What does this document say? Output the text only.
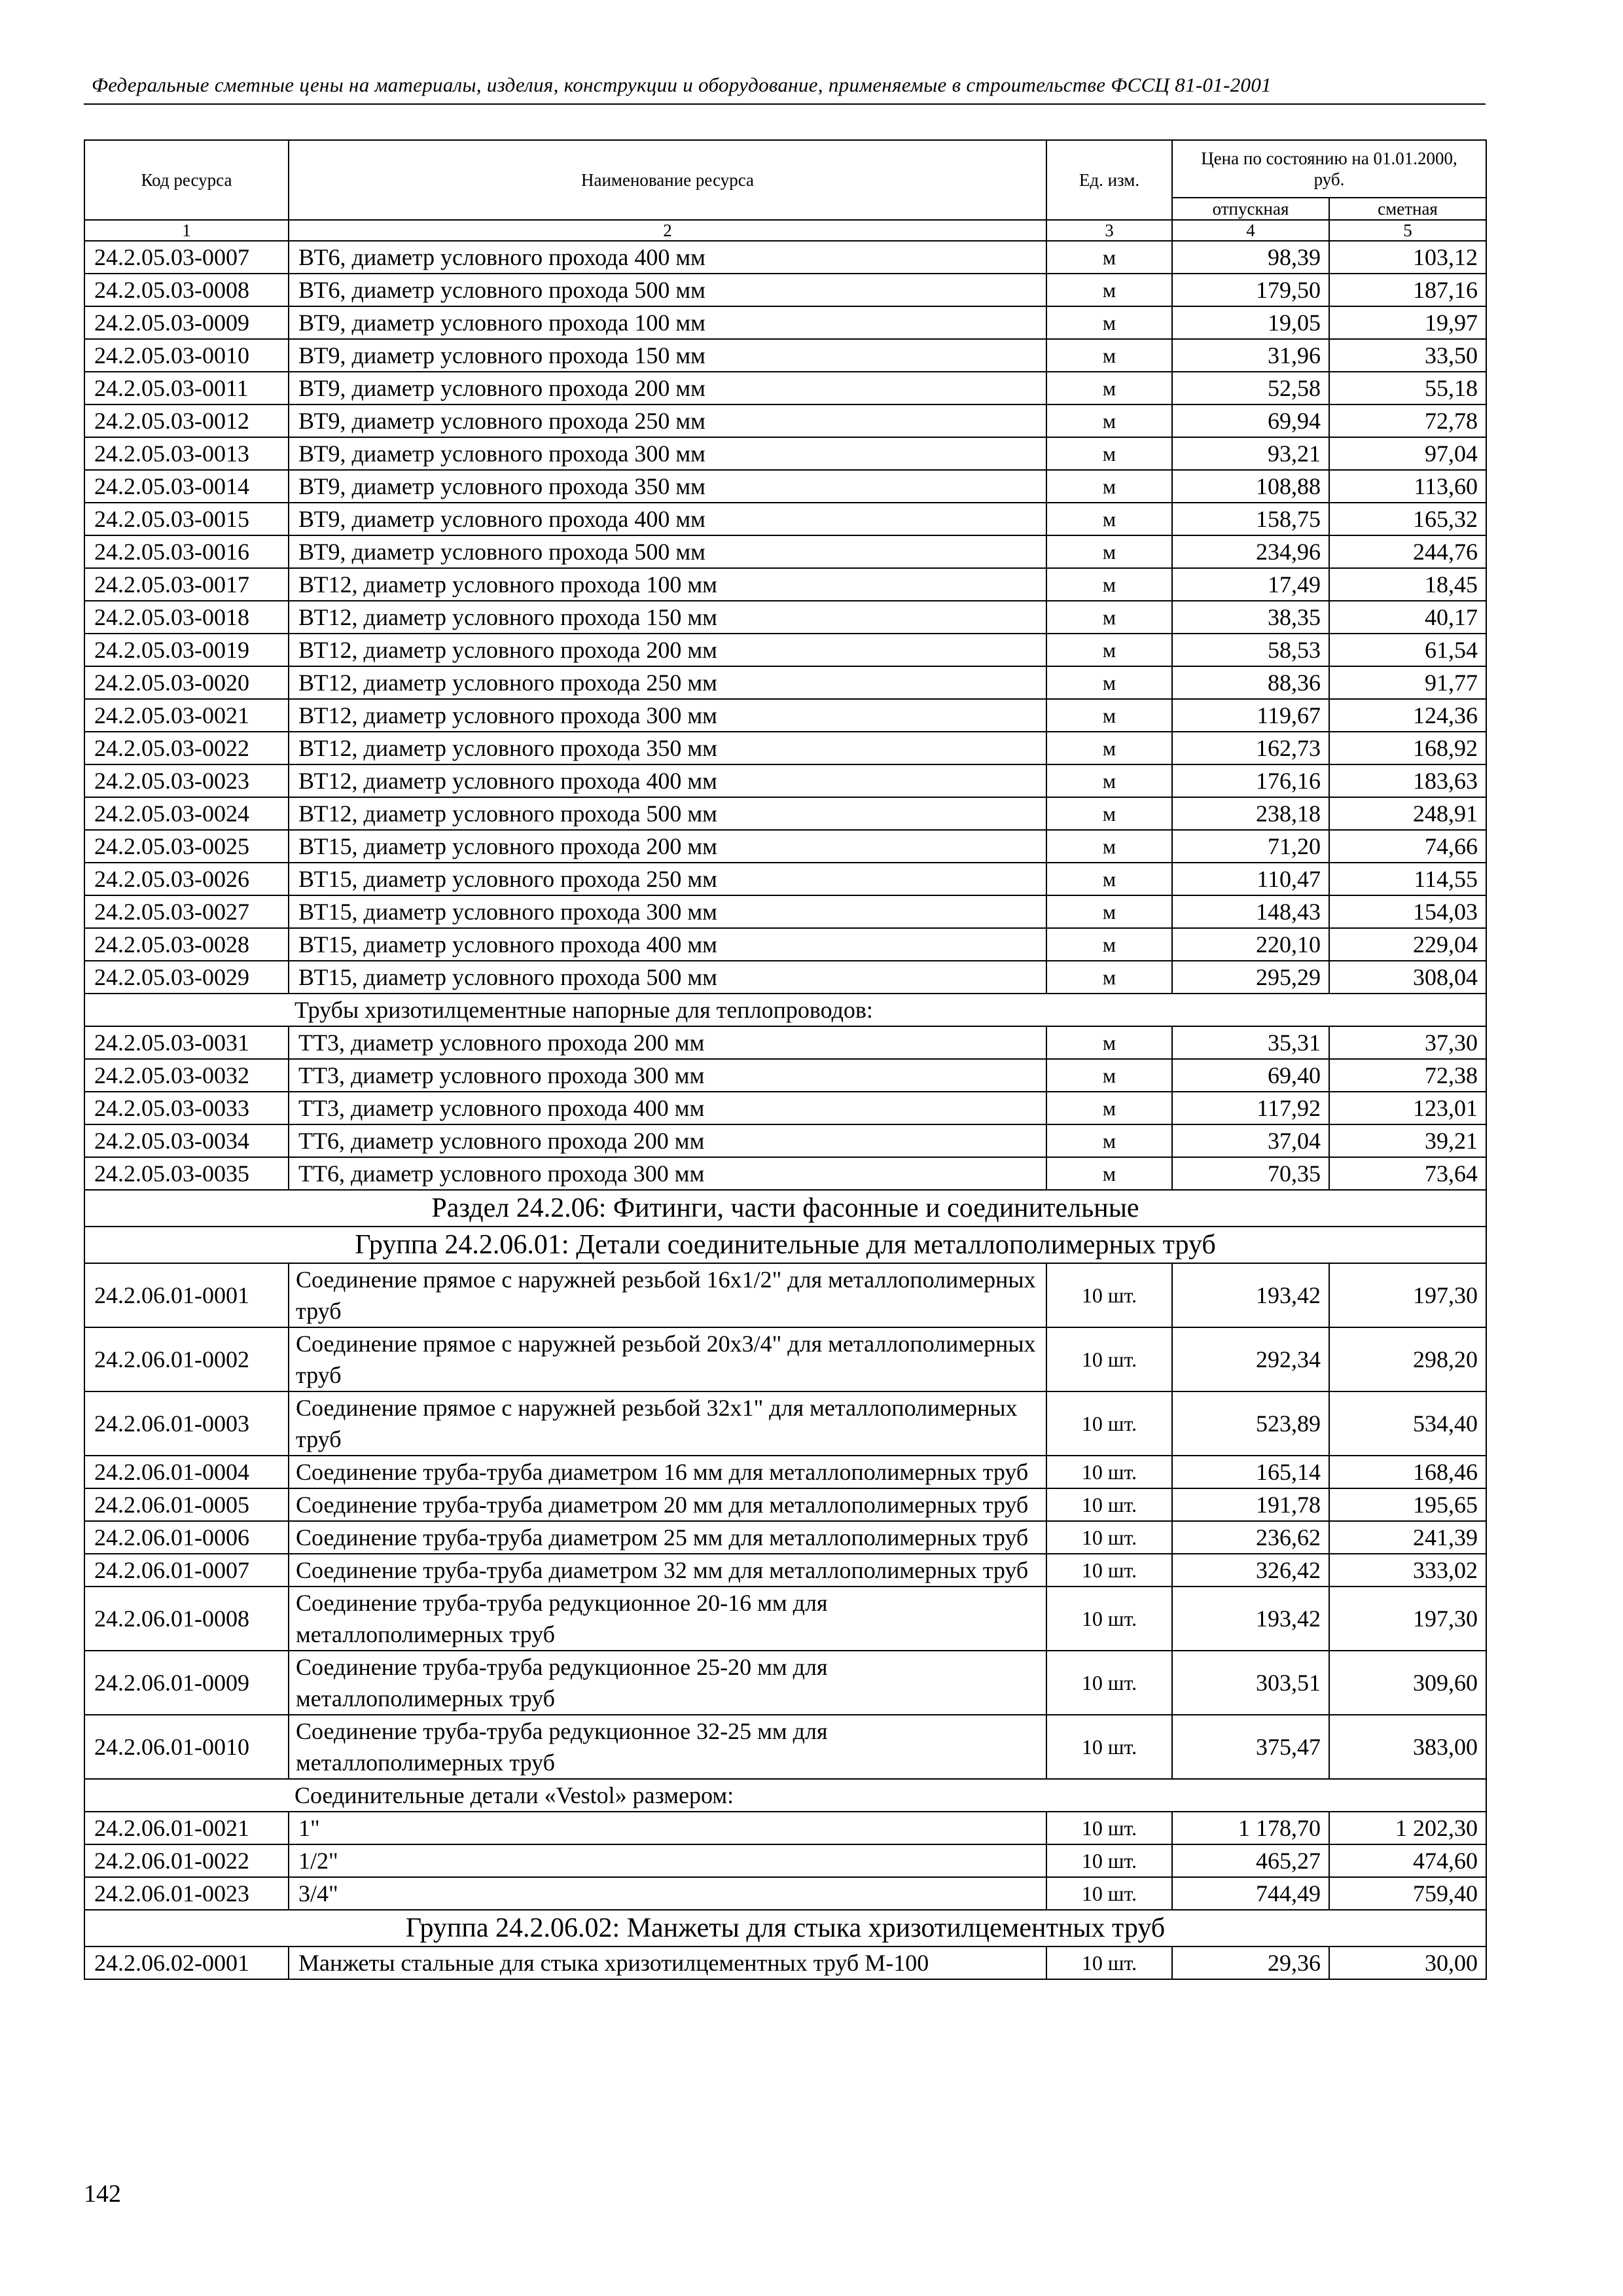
Федеральные сметные цены на материалы, изделия, конструкции и оборудование, применяемые в строительстве ФССЦ 81-01-2001
Код ресурса	Наименование ресурса	Ед. изм.	Цена по состоянию на 01.01.2000, руб.	
			отпускная	сметная
1	2	3	4	5
24.2.05.03-0007	ВТ6, диаметр условного прохода 400 мм	м	98,39	103,12
24.2.05.03-0008	ВТ6, диаметр условного прохода 500 мм	м	179,50	187,16
24.2.05.03-0009	ВТ9, диаметр условного прохода 100 мм	м	19,05	19,97
24.2.05.03-0010	ВТ9, диаметр условного прохода 150 мм	м	31,96	33,50
24.2.05.03-0011	ВТ9, диаметр условного прохода 200 мм	м	52,58	55,18
24.2.05.03-0012	ВТ9, диаметр условного прохода 250 мм	м	69,94	72,78
24.2.05.03-0013	ВТ9, диаметр условного прохода 300 мм	м	93,21	97,04
24.2.05.03-0014	ВТ9, диаметр условного прохода 350 мм	м	108,88	113,60
24.2.05.03-0015	ВТ9, диаметр условного прохода 400 мм	м	158,75	165,32
24.2.05.03-0016	ВТ9, диаметр условного прохода 500 мм	м	234,96	244,76
24.2.05.03-0017	ВТ12, диаметр условного прохода 100 мм	м	17,49	18,45
24.2.05.03-0018	ВТ12, диаметр условного прохода 150 мм	м	38,35	40,17
24.2.05.03-0019	ВТ12, диаметр условного прохода 200 мм	м	58,53	61,54
24.2.05.03-0020	ВТ12, диаметр условного прохода 250 мм	м	88,36	91,77
24.2.05.03-0021	ВТ12, диаметр условного прохода 300 мм	м	119,67	124,36
24.2.05.03-0022	ВТ12, диаметр условного прохода 350 мм	м	162,73	168,92
24.2.05.03-0023	ВТ12, диаметр условного прохода 400 мм	м	176,16	183,63
24.2.05.03-0024	ВТ12, диаметр условного прохода 500 мм	м	238,18	248,91
24.2.05.03-0025	ВТ15, диаметр условного прохода 200 мм	м	71,20	74,66
24.2.05.03-0026	ВТ15, диаметр условного прохода 250 мм	м	110,47	114,55
24.2.05.03-0027	ВТ15, диаметр условного прохода 300 мм	м	148,43	154,03
24.2.05.03-0028	ВТ15, диаметр условного прохода 400 мм	м	220,10	229,04
24.2.05.03-0029	ВТ15, диаметр условного прохода 500 мм	м	295,29	308,04
Трубы хризотилцементные напорные для теплопроводов:				
24.2.05.03-0031	ТТ3, диаметр условного прохода 200 мм	м	35,31	37,30
24.2.05.03-0032	ТТ3, диаметр условного прохода 300 мм	м	69,40	72,38
24.2.05.03-0033	ТТ3, диаметр условного прохода 400 мм	м	117,92	123,01
24.2.05.03-0034	ТТ6, диаметр условного прохода 200 мм	м	37,04	39,21
24.2.05.03-0035	ТТ6, диаметр условного прохода 300 мм	м	70,35	73,64
Раздел 24.2.06: Фитинги, части фасонные и соединительные				
Группа 24.2.06.01: Детали соединительные для металлополимерных труб				
24.2.06.01-0001	Соединение прямое с наружней резьбой 16х1/2" для металлополимерных труб	10 шт.	193,42	197,30
24.2.06.01-0002	Соединение прямое с наружней резьбой 20х3/4" для металлополимерных труб	10 шт.	292,34	298,20
24.2.06.01-0003	Соединение прямое с наружней резьбой 32х1" для металлополимерных труб	10 шт.	523,89	534,40
24.2.06.01-0004	Соединение труба-труба диаметром 16 мм для металлополимерных труб	10 шт.	165,14	168,46
24.2.06.01-0005	Соединение труба-труба диаметром 20 мм для металлополимерных труб	10 шт.	191,78	195,65
24.2.06.01-0006	Соединение труба-труба диаметром 25 мм для металлополимерных труб	10 шт.	236,62	241,39
24.2.06.01-0007	Соединение труба-труба диаметром 32 мм для металлополимерных труб	10 шт.	326,42	333,02
24.2.06.01-0008	Соединение труба-труба редукционное 20-16 мм для металлополимерных труб	10 шт.	193,42	197,30
24.2.06.01-0009	Соединение труба-труба редукционное 25-20 мм для металлополимерных труб	10 шт.	303,51	309,60
24.2.06.01-0010	Соединение труба-труба редукционное 32-25 мм для металлополимерных труб	10 шт.	375,47	383,00
Соединительные детали «Vestol» размером:				
24.2.06.01-0021	1"	10 шт.	1 178,70	1 202,30
24.2.06.01-0022	1/2"	10 шт.	465,27	474,60
24.2.06.01-0023	3/4"	10 шт.	744,49	759,40
Группа 24.2.06.02: Манжеты для стыка хризотилцементных труб				
24.2.06.02-0001	Манжеты стальные для стыка хризотилцементных труб М-100	10 шт.	29,36	30,00
142
